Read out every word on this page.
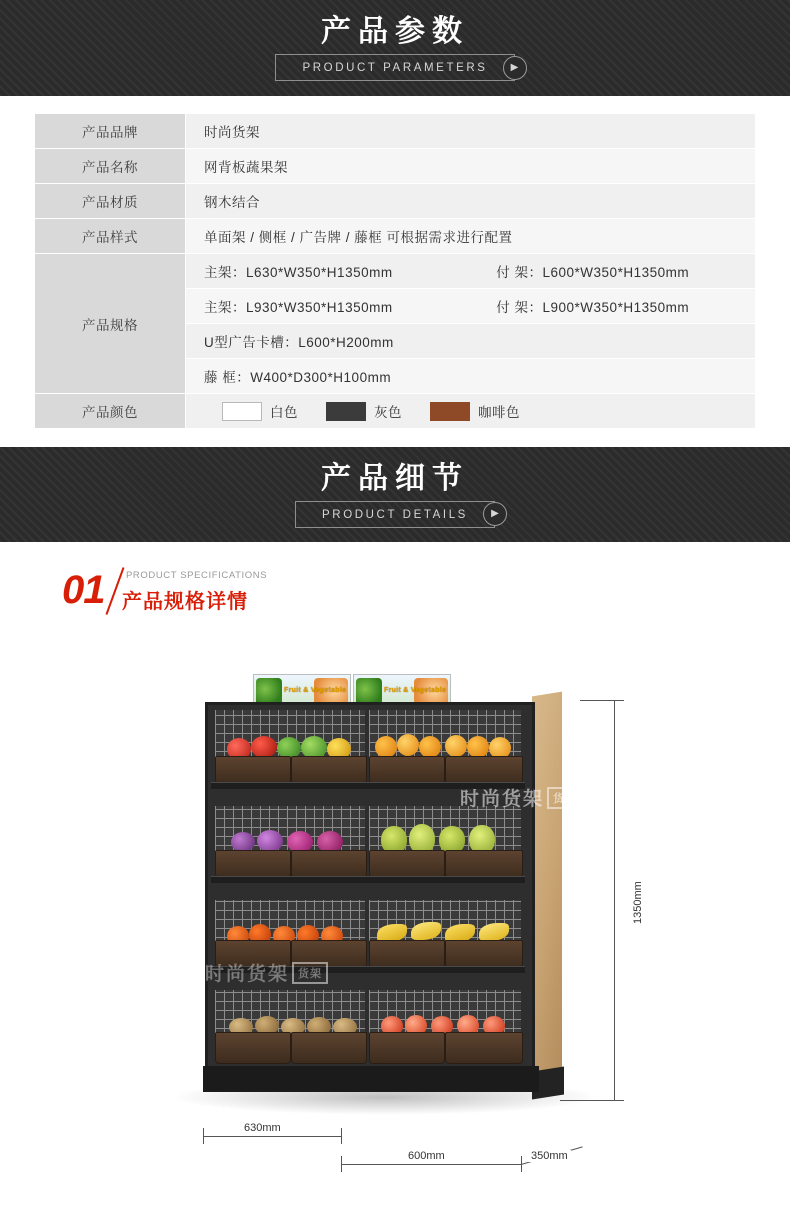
产品参数
PRODUCT PARAMETERS	▶
产品品牌	时尚货架
产品名称	网背板蔬果架
产品材质	钢木结合
产品样式	单面架 / 侧框 / 广告牌 / 藤框 可根据需求进行配置
产品规格	主架：L630*W350*H1350mm 付 架：L600*W350*H1350mm
	主架：L930*W350*H1350mm 付 架：L900*W350*H1350mm
	U型广告卡槽：L600*H200mm
	藤 框：W400*D300*H100mm
产品颜色	白色 灰色 咖啡色
产品细节
PRODUCT DETAILS	▶
01 PRODUCT SPECIFICATIONS
产品规格详情
Fruit & Vegetable	Fruit & Vegetable
时尚货架 货架
时尚货架 货架
1350mm
630mm
600mm	350mm
